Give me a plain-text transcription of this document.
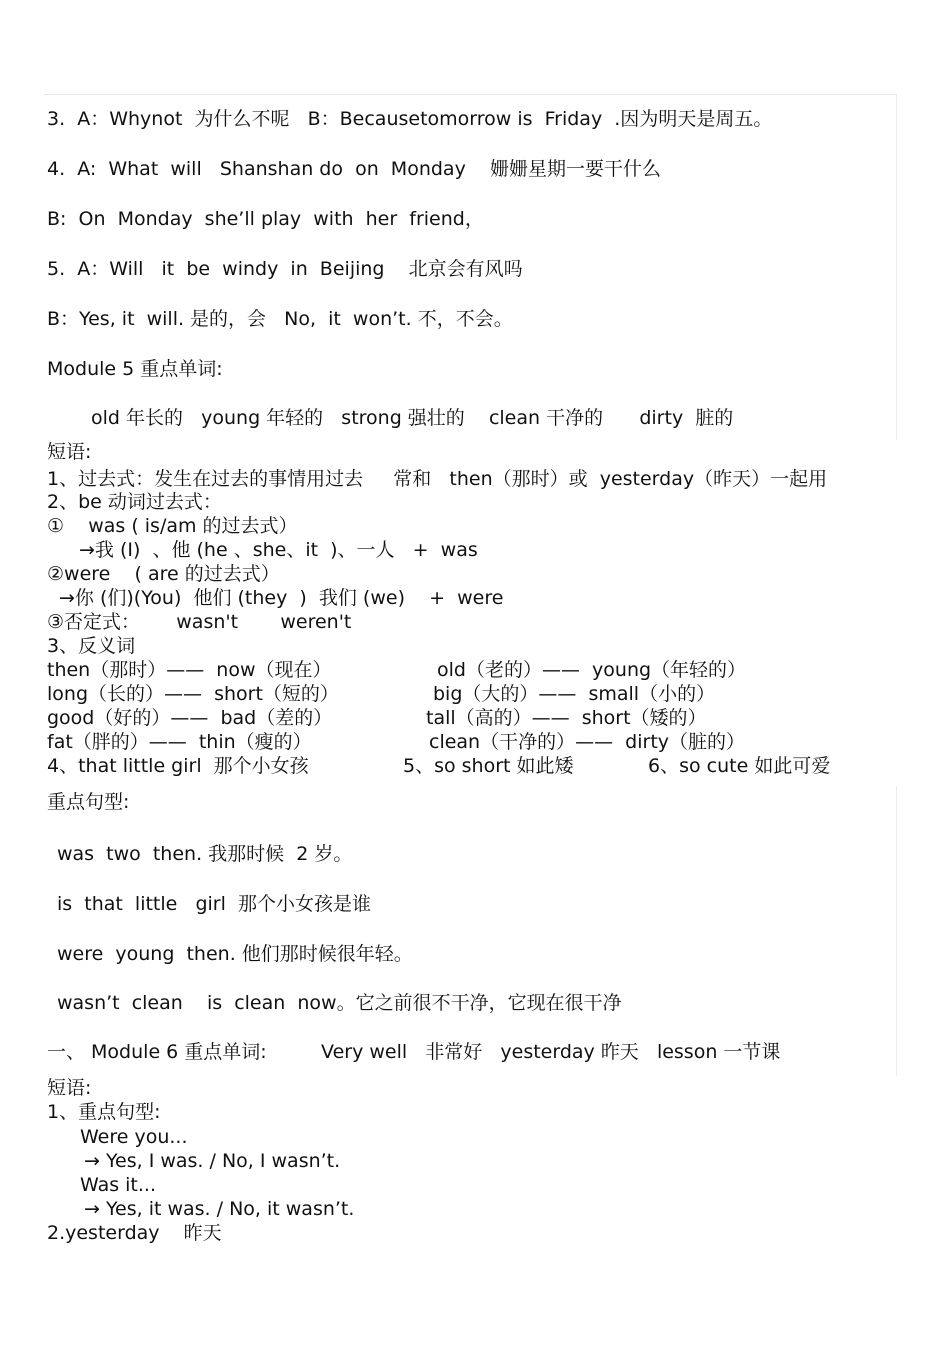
3.  A：Whynot  为什么不呢   B：Becausetomorrow is  Friday  .因为明天是周五。
4.  A:  What  will   Shanshan do  on  Monday    姗姗星期一要干什么
B:  On  Monday  she’ll play  with  her  friend，
5.  A：Will   it  be  windy  in  Beijing    北京会有风吗
B：Yes, it  will. 是的，会   No,  it  won’t. 不，不会。
Module 5 重点单词:
old 年长的   young 年轻的   strong 强壮的    clean 干净的      dirty  脏的
短语:
1、过去式：发生在过去的事情用过去     常和   then（那时）或  yesterday（昨天）一起用
2、be 动词过去式：
①    was ( is/am 的过去式）
→我 (I)  、他 (he 、she、it  )、一人   +  was
②were    ( are 的过去式）
→你 (们)(You)  他们 (they  )  我们 (we)    +  were
③否定式：      wasn't       weren't
3、反义词
then（那时）——  now（现在）	old（老的）——  young（年轻的）
long（长的）——  short（短的）	big（大的）——  small（小的）
good（好的）——  bad（差的）	tall（高的）——  short（矮的）
fat（胖的）——  thin（瘦的）	clean（干净的）——  dirty（脏的）
4、that little girl  那个小女孩	5、so short 如此矮	6、so cute 如此可爱
重点句型:
was  two  then. 我那时候  2 岁。
is  that  little   girl  那个小女孩是谁
were  young  then. 他们那时候很年轻。
wasn’t  clean    is  clean  now。它之前很不干净，它现在很干净
一、 Module 6 重点单词:         Very well   非常好   yesterday 昨天   lesson 一节课
短语:
1、重点句型:
Were you...
→ Yes, I was. / No, I wasn’t.
Was it...
→ Yes, it was. / No, it wasn’t.
2.yesterday    昨天
